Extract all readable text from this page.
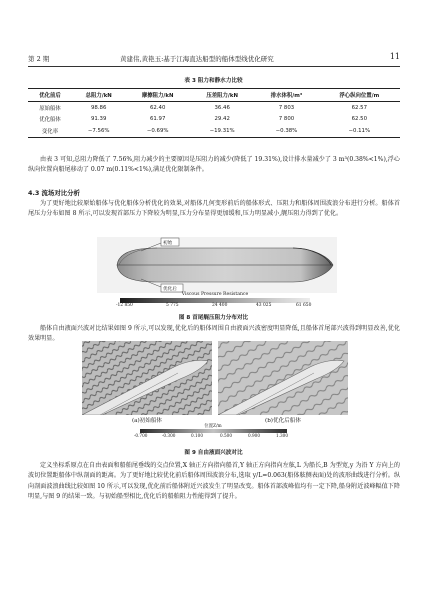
第 2 期	黄建伟,黄艳玉:基于江海直达船型的船体型线优化研究	11
表 3 阻力和静水力比较
优化前后	总阻力/kN	摩擦阻力/kN	压差阻力/kN	排水体积/m³	浮心纵向位置/m
原始船体	98.86	62.40	36.46	7 803	62.57
优化船体	91.39	61.97	29.42	7 800	62.50
变化率	−7.56%	−0.69%	−19.31%	−0.38%	−0.11%

由表 3 可知,总阻力降低了 7.56%,阻力减少的主要原因是压阻力的减少(降低了 19.31%),设计排水量减少了 3 m³(0.38%<1%),浮心纵向位置向船尾移动了 0.07 m(0.11%<1%),满足优化限制条件。

4.3 流场对比分析

为了更好地比较原始船体与优化船体分析优化的效果,对船体几何变形前后的船体形式、压阻力和船体周围波浪分布进行分析。船体首尾压力分布如图 8 所示,可以发现首部压力下降较为明显,压力分布显得更加缓和,压力明显减小,艉压阻力得到了优化。

初始
优化后
Viscous Pressure Resistance
-12 850	5 775	24 400	43 025	61 650
图 8 首尾艉压阻力分布对比

船体自由液面兴波对比结果如图 9 所示,可以发现,优化后的船体周围自由液面兴波密度明显降低,且船体首尾部兴波得到明显改善,优化效果明显。

(a)初始船体	(b)优化后船体
位置Z/m
-0.700	-0.300	0.100	0.500	0.900	1.300
图 9 自由液面兴波对比

定义坐标系原点在自由表面和船舶尾垂线的交点位置,X 轴正方向指向船首,Y 轴正方向指向左舷,L 为船长,B 为型宽,y 为沿 Y 方向上的波切位置距船体中纵剖面的距离。为了更好地比较优化前后船体周围波浪分布,选取 y/L=0.063(船体舷侧表面)处的波形曲线进行分析。纵向剖面波浪曲线比较如图 10 所示,可以发现,优化前后船体附近兴波发生了明显改变。船体首部波峰值均有一定下降,船身附近波峰幅值下降明显,与图 9 的结果一致。与初始船型相比,优化后的船舶阻力性能得到了提升。
